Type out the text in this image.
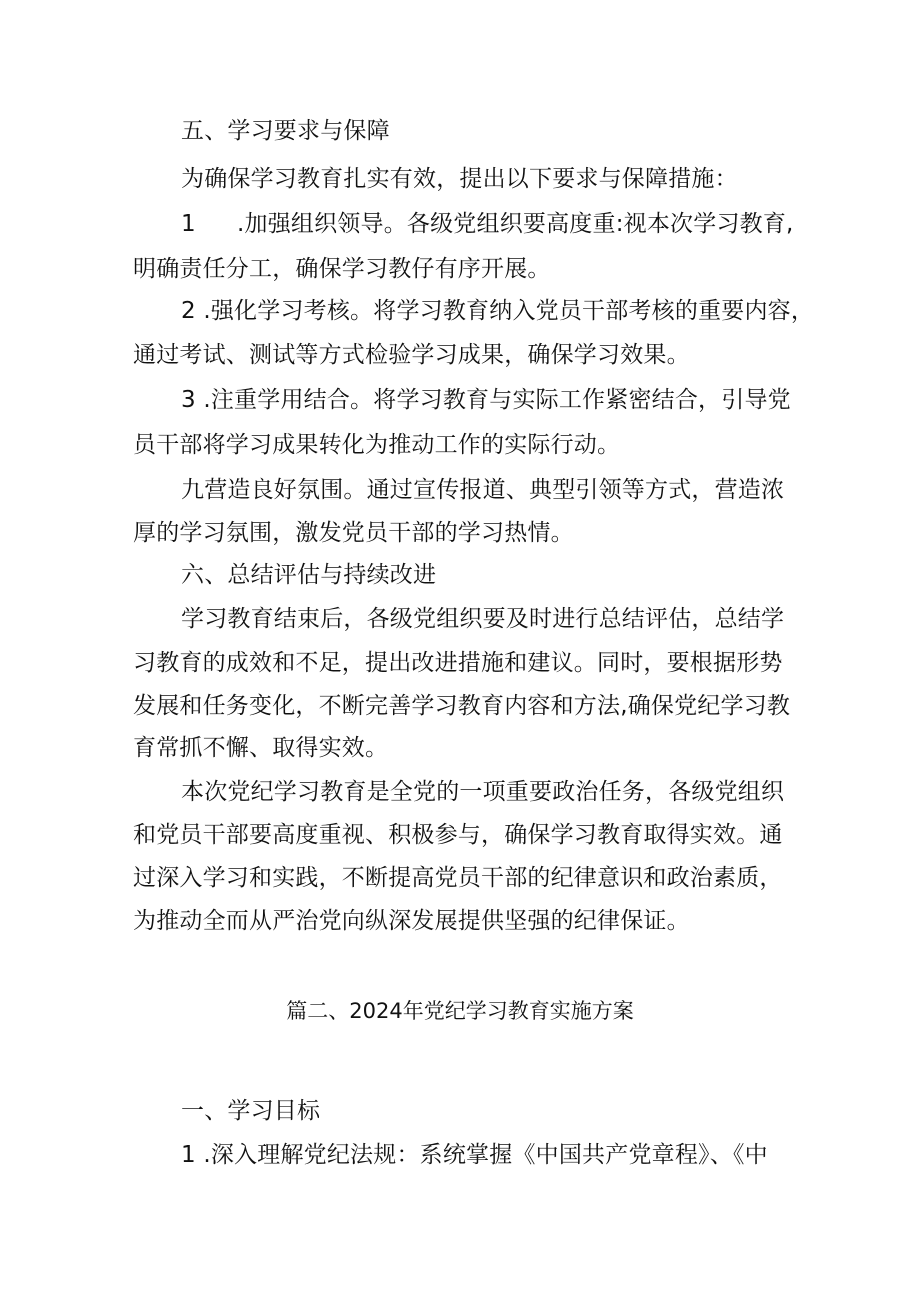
五、学习要求与保障
为确保学习教育扎实有效，提出以下要求与保障措施：
1 .加强组织领导。各级党组织要高度重:视本次学习教育,
明确责任分工，确保学习教仔有序开展。
2 .强化学习考核。将学习教育纳入党员干部考核的重要内容，
通过考试、测试等方式检验学习成果，确保学习效果。
3 .注重学用结合。将学习教育与实际工作紧密结合，引导党
员干部将学习成果转化为推动工作的实际行动。
九营造良好氛围。通过宣传报道、典型引领等方式，营造浓
厚的学习氛围，激发党员干部的学习热情。
六、总结评估与持续改进
学习教育结束后，各级党组织要及时进行总结评估，总结学
习教育的成效和不足，提出改进措施和建议。同时，要根据形势
发展和任务变化，不断完善学习教育内容和方法,确保党纪学习教
育常抓不懈、取得实效。
本次党纪学习教育是全党的一项重要政治任务，各级党组织
和党员干部要高度重视、积极参与，确保学习教育取得实效。通
过深入学习和实践，不断提高党员干部的纪律意识和政治素质，
为推动全而从严治党向纵深发展提供坚强的纪律保证。
篇二、2024年党纪学习教育实施方案
一、学习目标
1 .深入理解党纪法规：系统掌握《中国共产党章程》、《中
